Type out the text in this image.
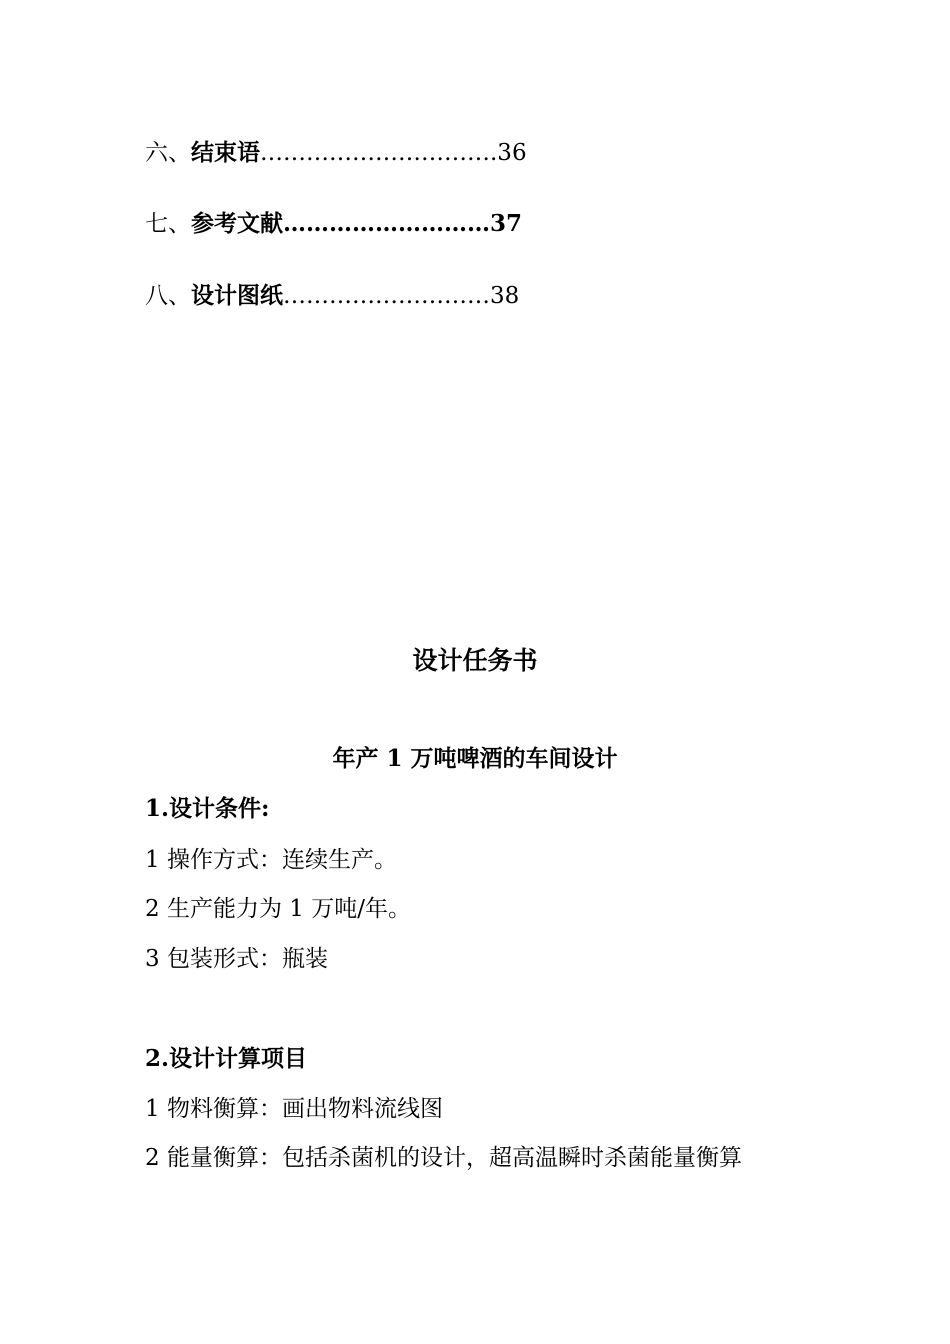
六、结束语………………………….36
七、参考文献………………………37
八、设计图纸………………………38
设计任务书
年产 1 万吨啤酒的车间设计
1.设计条件:
1 操作方式：连续生产。
2 生产能力为 1 万吨/年。
3 包装形式：瓶装
2.设计计算项目
1 物料衡算：画出物料流线图
2 能量衡算：包括杀菌机的设计，超高温瞬时杀菌能量衡算
